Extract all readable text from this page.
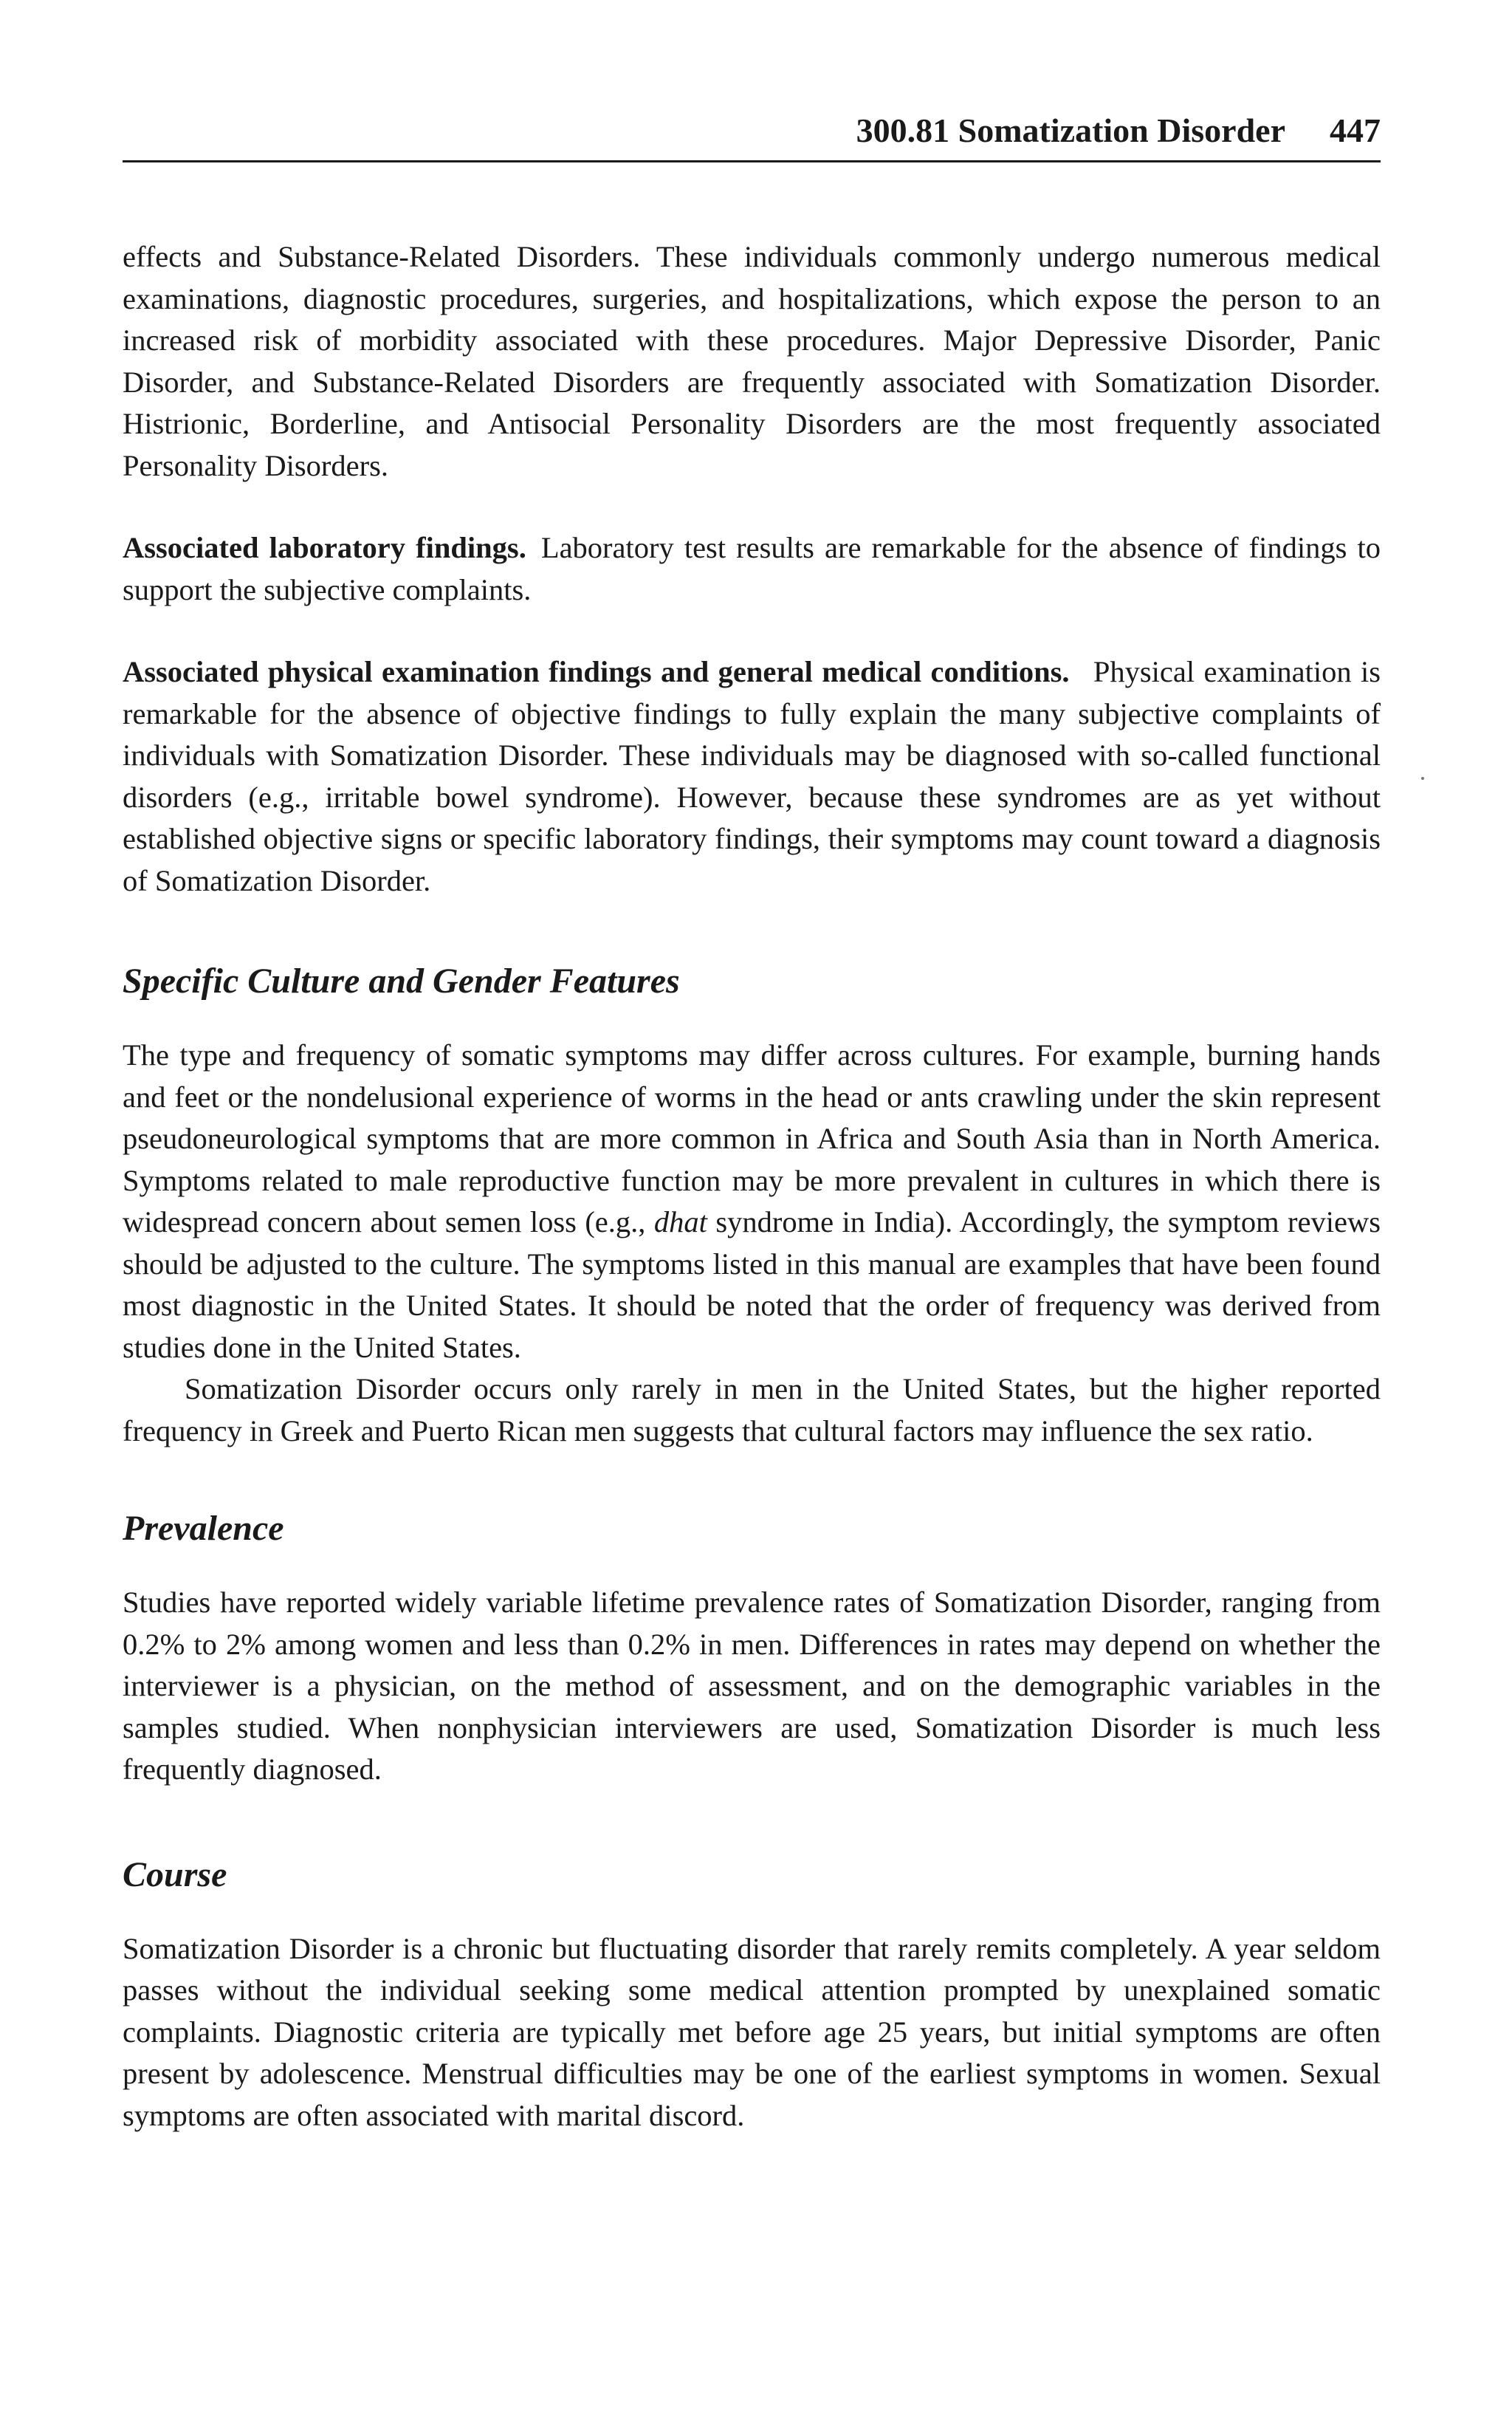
300.81 Somatization Disorder 447

effects and Substance-Related Disorders. These individuals commonly undergo numerous medical examinations, diagnostic procedures, surgeries, and hospitalizations, which expose the person to an increased risk of morbidity associated with these procedures. Major Depressive Disorder, Panic Disorder, and Substance-Related Disorders are frequently associated with Somatization Disorder. Histrionic, Borderline, and Antisocial Personality Disorders are the most frequently associated Personality Disorders.

Associated laboratory findings. Laboratory test results are remarkable for the absence of findings to support the subjective complaints.

Associated physical examination findings and general medical conditions. Physical examination is remarkable for the absence of objective findings to fully explain the many subjective complaints of individuals with Somatization Disorder. These individuals may be diagnosed with so-called functional disorders (e.g., irritable bowel syndrome). However, because these syndromes are as yet without established objective signs or specific laboratory findings, their symptoms may count toward a diagnosis of Somatization Disorder.

Specific Culture and Gender Features

The type and frequency of somatic symptoms may differ across cultures. For example, burning hands and feet or the nondelusional experience of worms in the head or ants crawling under the skin represent pseudoneurological symptoms that are more common in Africa and South Asia than in North America. Symptoms related to male reproductive function may be more prevalent in cultures in which there is widespread concern about semen loss (e.g., dhat syndrome in India). Accordingly, the symptom reviews should be adjusted to the culture. The symptoms listed in this manual are examples that have been found most diagnostic in the United States. It should be noted that the order of frequency was derived from studies done in the United States.

Somatization Disorder occurs only rarely in men in the United States, but the higher reported frequency in Greek and Puerto Rican men suggests that cultural factors may influence the sex ratio.

Prevalence

Studies have reported widely variable lifetime prevalence rates of Somatization Disorder, ranging from 0.2% to 2% among women and less than 0.2% in men. Differences in rates may depend on whether the interviewer is a physician, on the method of assessment, and on the demographic variables in the samples studied. When nonphysician interviewers are used, Somatization Disorder is much less frequently diagnosed.

Course

Somatization Disorder is a chronic but fluctuating disorder that rarely remits completely. A year seldom passes without the individual seeking some medical attention prompted by unexplained somatic complaints. Diagnostic criteria are typically met before age 25 years, but initial symptoms are often present by adolescence. Menstrual difficulties may be one of the earliest symptoms in women. Sexual symptoms are often associated with marital discord.
